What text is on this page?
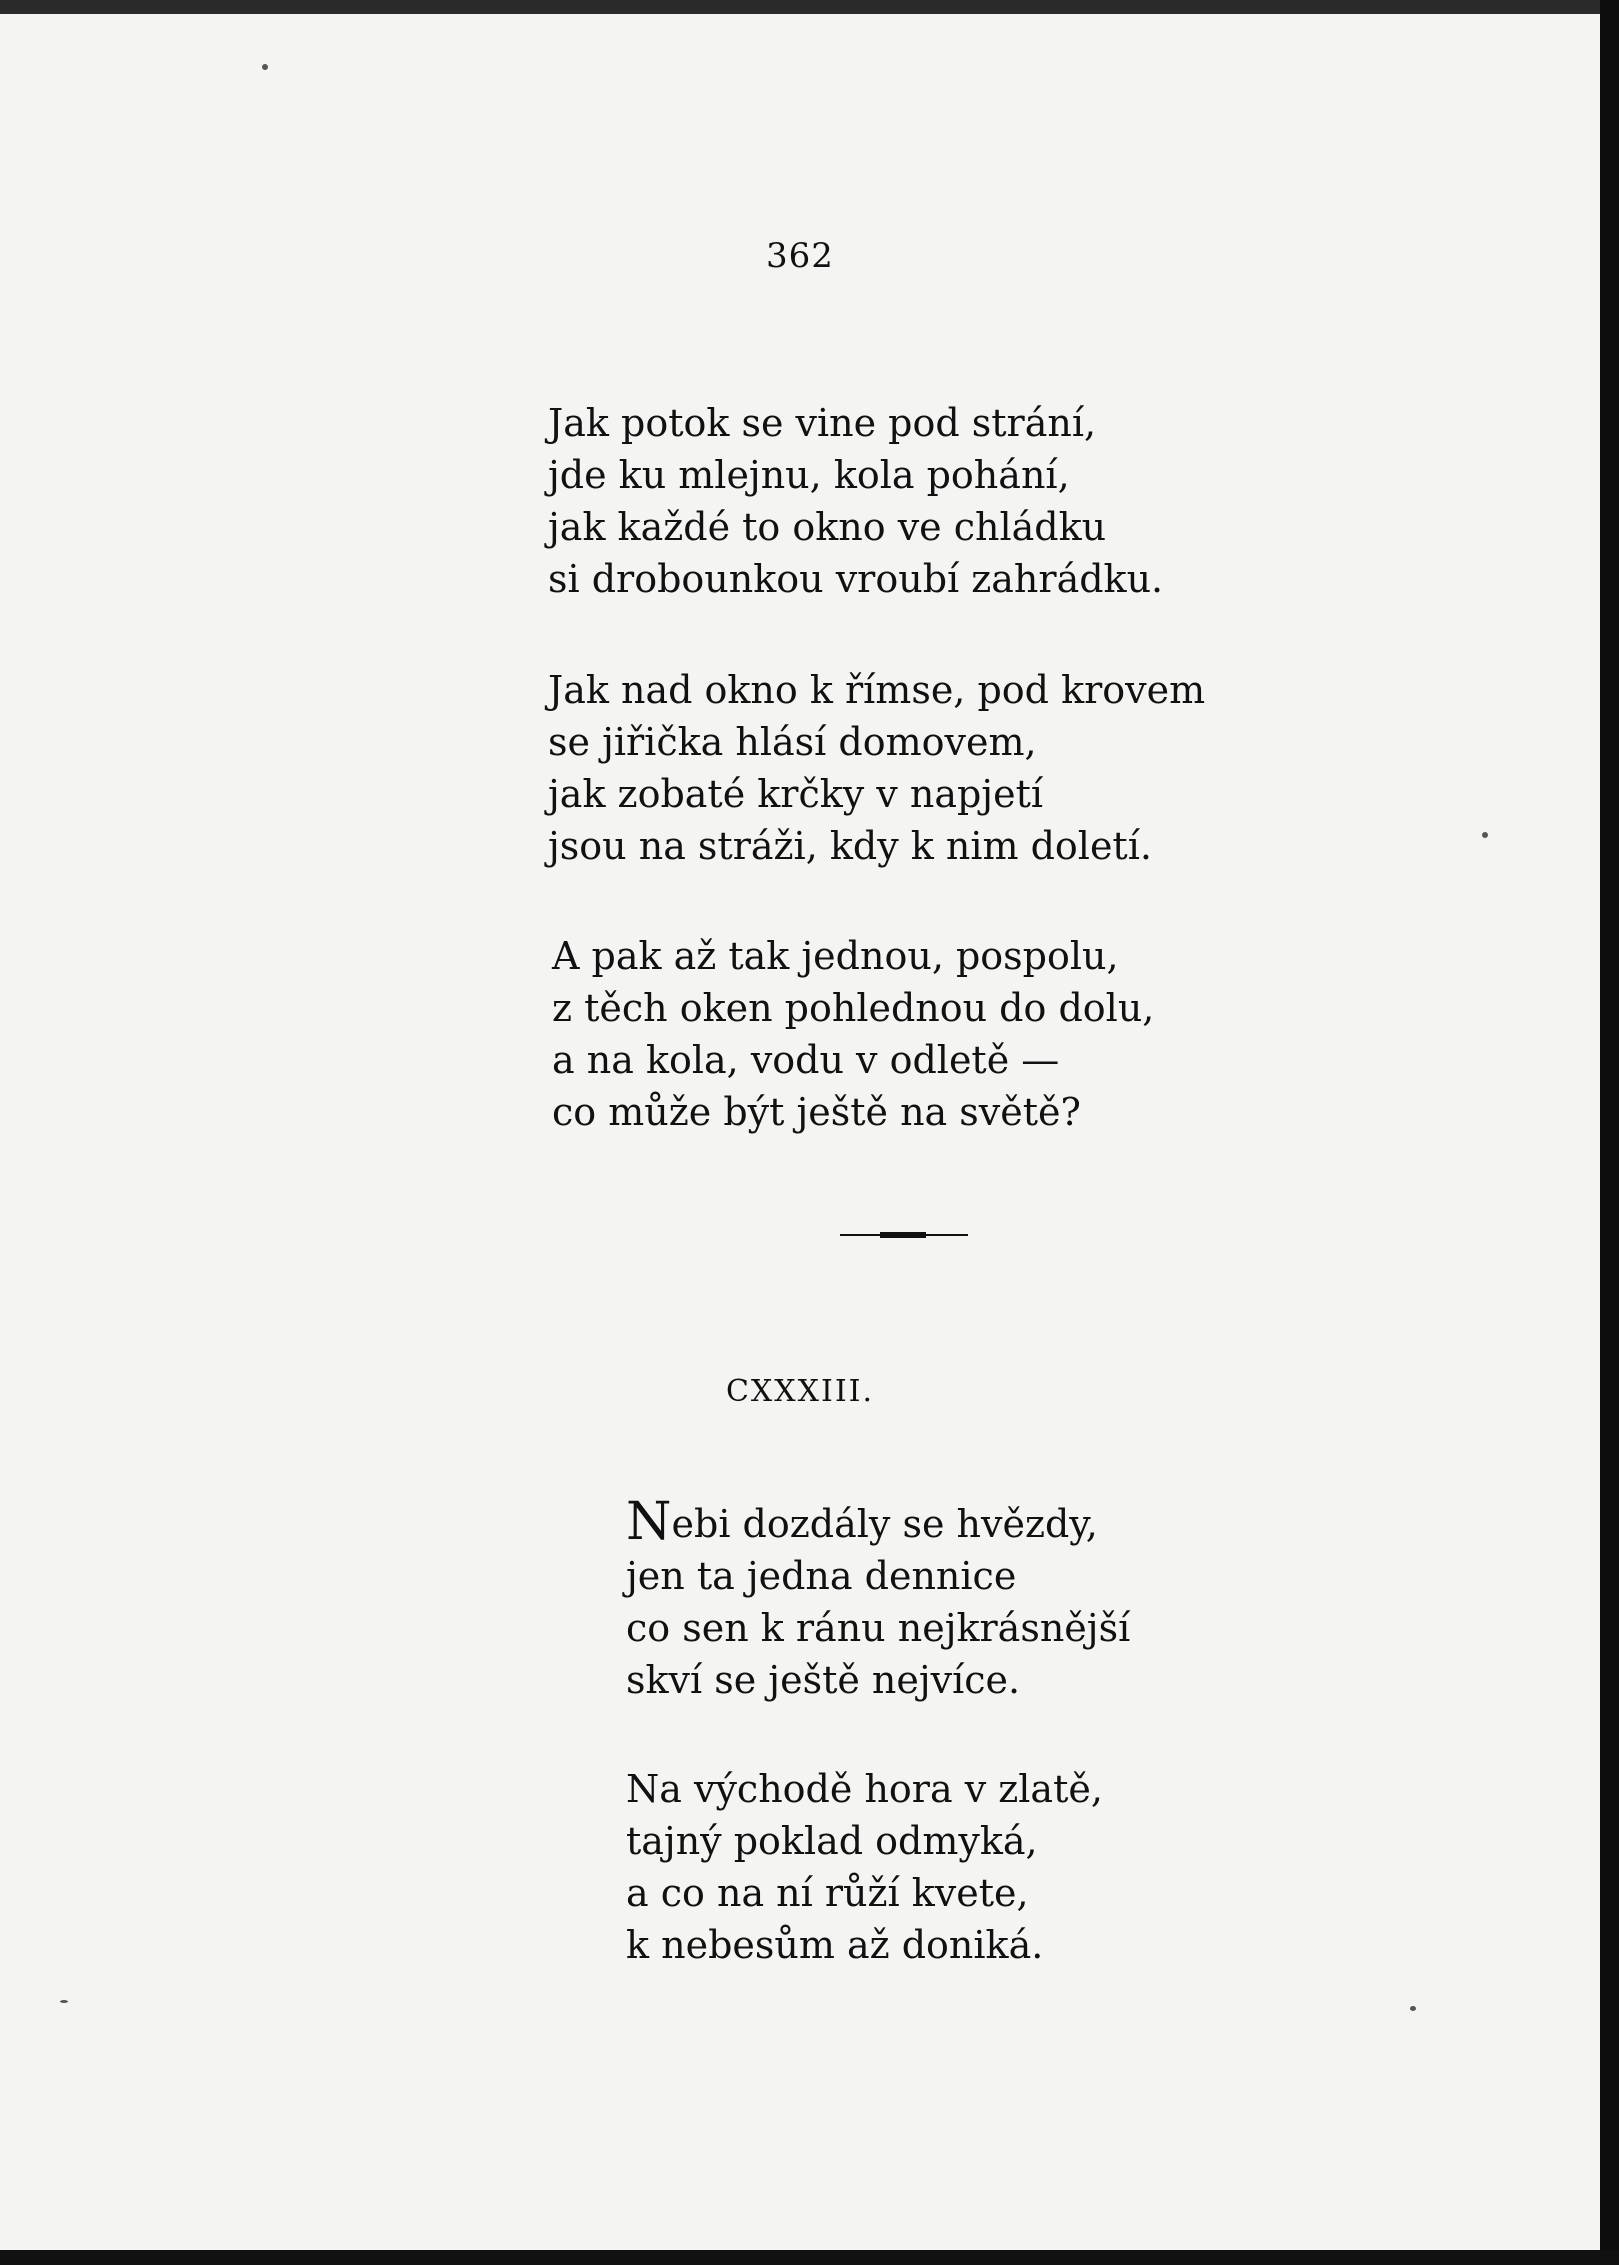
362
Jak potok se vine pod strání,
jde ku mlejnu, kola pohání,
jak každé to okno ve chládku
si drobounkou vroubí zahrádku.
Jak nad okno k římse, pod krovem
se jiřička hlásí domovem,
jak zobaté krčky v napjetí
jsou na stráži, kdy k nim doletí.
A pak až tak jednou, pospolu,
z těch oken pohlednou do dolu,
a na kola, vodu v odletě —
co může být ještě na světě?
CXXXIII.
Nebi dozdály se hvězdy,
jen ta jedna dennice
co sen k ránu nejkrásnější
skví se ještě nejvíce.
Na východě hora v zlatě,
tajný poklad odmyká,
a co na ní růží kvete,
k nebesům až doniká.
